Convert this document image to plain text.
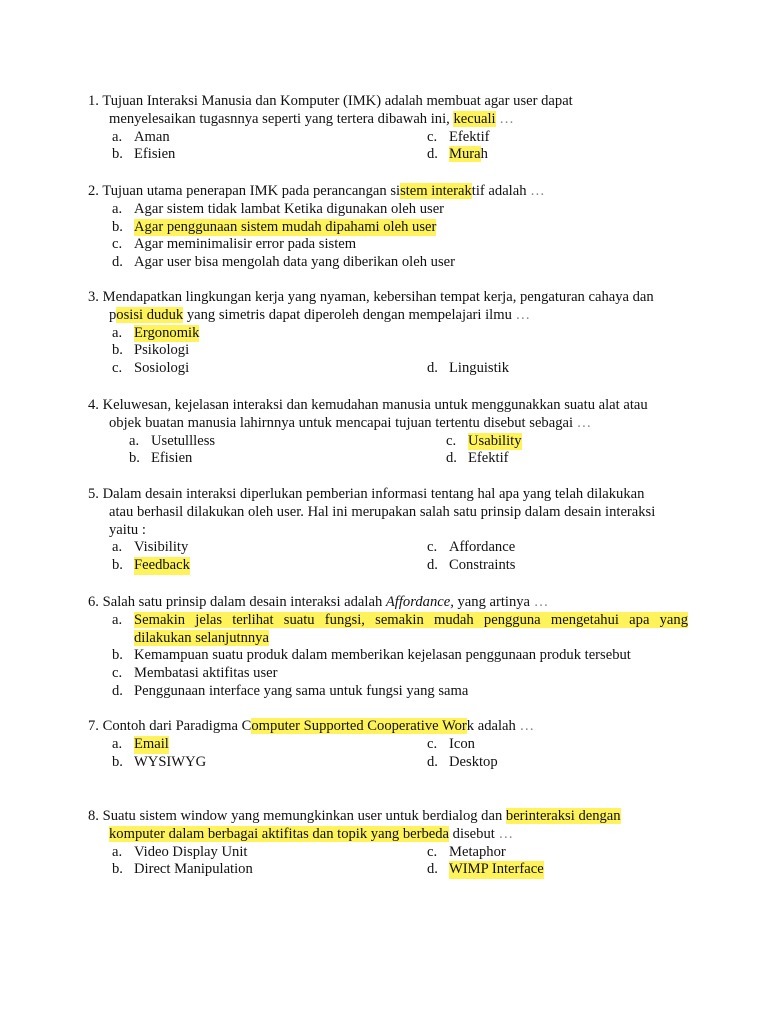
1. Tujuan Interaksi Manusia dan Komputer (IMK) adalah membuat agar user dapat
menyelesaikan tugasnnya seperti yang tertera dibawah ini, kecuali …

a. Aman	c. Efektif
b. Efisien	d. Murah

2. Tujuan utama penerapan IMK pada perancangan sistem interaktif adalah …

a. Agar sistem tidak lambat Ketika digunakan oleh user
b. Agar penggunaan sistem mudah dipahami oleh user
c. Agar meminimalisir error pada sistem
d. Agar user bisa mengolah data yang diberikan oleh user

3. Mendapatkan lingkungan kerja yang nyaman, kebersihan tempat kerja, pengaturan cahaya dan
posisi duduk yang simetris dapat diperoleh dengan mempelajari ilmu …

a. Ergonomik
b. Psikologi
c. Sosiologi	d. Linguistik

4. Keluwesan, kejelasan interaksi dan kemudahan manusia untuk menggunakkan suatu alat atau
objek buatan manusia lahirnnya untuk mencapai tujuan tertentu disebut sebagai …

a. Usetullless	c. Usability
b. Efisien	d. Efektif

5. Dalam desain interaksi diperlukan pemberian informasi tentang hal apa yang telah dilakukan
atau berhasil dilakukan oleh user. Hal ini merupakan salah satu prinsip dalam desain interaksi
yaitu :

a. Visibility	c. Affordance
b. Feedback	d. Constraints

6. Salah satu prinsip dalam desain interaksi adalah Affordance, yang artinya …

a. Semakin jelas terlihat suatu fungsi, semakin mudah pengguna mengetahui apa yang
dilakukan selanjutnnya
b. Kemampuan suatu produk dalam memberikan kejelasan penggunaan produk tersebut
c. Membatasi aktifitas user
d. Penggunaan interface yang sama untuk fungsi yang sama

7. Contoh dari Paradigma Computer Supported Cooperative Work adalah …

a. Email	c. Icon
b. WYSIWYG	d. Desktop

8. Suatu sistem window yang memungkinkan user untuk berdialog dan berinteraksi dengan
komputer dalam berbagai aktifitas dan topik yang berbeda disebut …

a. Video Display Unit	c. Metaphor
b. Direct Manipulation	d. WIMP Interface
